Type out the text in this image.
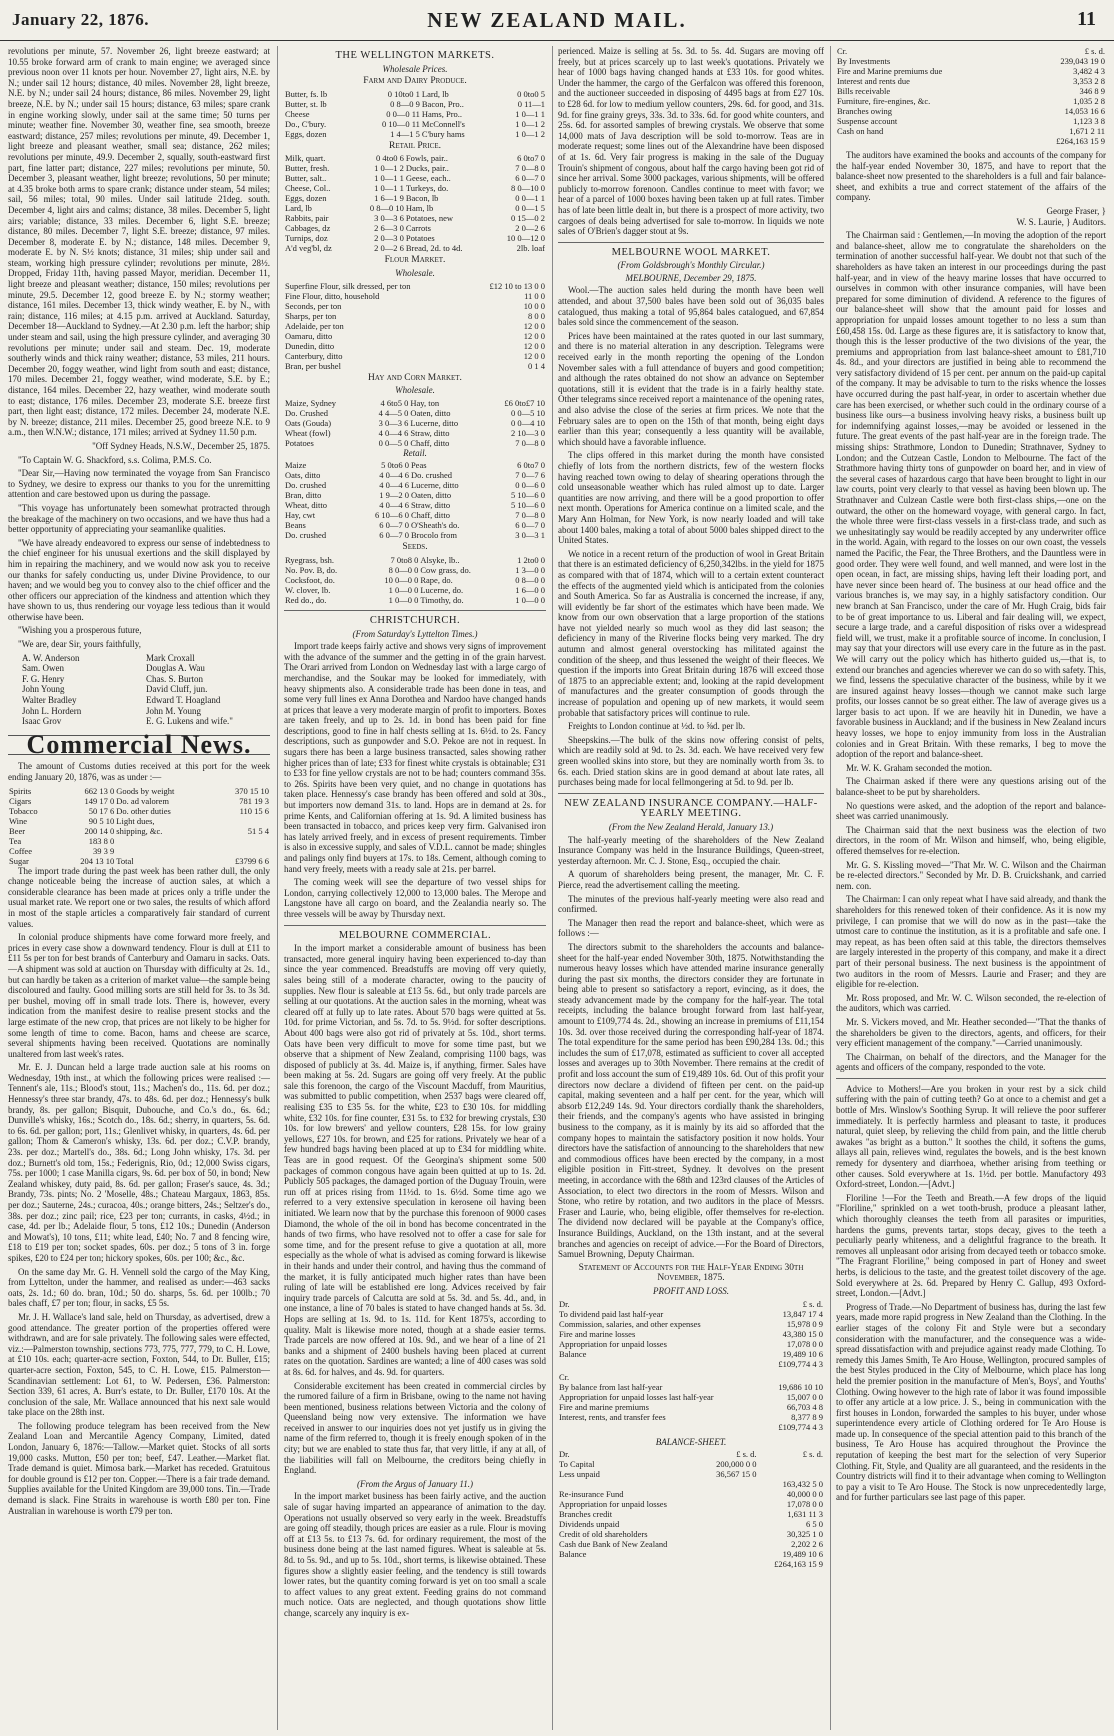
January 22, 1876.	NEW ZEALAND MAIL.	11

revolutions per minute, 57. November 26, light breeze eastward; at 10.55 broke forward arm of crank to main engine; we averaged since previous noon over 11 knots per hour. November 27, light airs, N.E. by N.; under sail 12 hours; distance, 40 miles. November 28, light breeze, N.E. by N.; under sail 24 hours; distance, 86 miles. November 29, light breeze, N.E. by N.; under sail 15 hours; distance, 63 miles; spare crank in engine working slowly, under sail at the same time; 50 turns per minute; weather fine. November 30, weather fine, sea smooth, breeze eastward; distance, 257 miles; revolutions per minute, 49. December 1, light breeze and pleasant weather, small sea; distance, 262 miles; revolutions per minute, 49.9. December 2, squally, south-eastward first part, fine latter part; distance, 227 miles; revolutions per minute, 50. December 3, pleasant weather, light breeze; revolutions, 50 per minute; at 4.35 broke both arms to spare crank; distance under steam, 54 miles; sail, 56 miles; total, 90 miles. Under sail latitude 21deg. south. December 4, light airs and calms; distance, 38 miles. December 5, light airs; variable; distance, 33 miles. December 6, light S.E. breeze; distance, 80 miles. December 7, light S.E. breeze; distance, 97 miles. December 8, moderate E. by N.; distance, 148 miles. December 9, moderate E. by N. S½ knots; distance, 31 miles; ship under sail and steam, working high pressure cylinder; revolutions per minute, 28½. Dropped, Friday 11th, having passed Mayor, meridian. December 11, light breeze and pleasant weather; distance, 150 miles; revolutions per minute, 29.5. December 12, good breeze E. by N.; stormy weather; distance, 161 miles. December 13, thick windy weather, E. by N., with rain; distance, 116 miles; at 4.15 p.m. arrived at Auckland. Saturday, December 18—Auckland to Sydney.—At 2.30 p.m. left the harbor; ship under steam and sail, using the high pressure cylinder, and averaging 30 revolutions per minute; under sail and steam. Dec. 19, moderate southerly winds and thick rainy weather; distance, 53 miles, 211 hours. December 20, foggy weather, wind light from south and east; distance, 170 miles. December 21, foggy weather, wind moderate, S.E. by E.; distance, 164 miles. December 22, hazy weather, wind moderate south to east; distance, 176 miles. December 23, moderate S.E. breeze first part, then light east; distance, 172 miles. December 24, moderate N.E. by N. breeze; distance, 211 miles. December 25, good breeze N.E. to 9 a.m., then W.N.W.; distance, 171 miles; arrived at Sydney 11.50 p.m.

"Off Sydney Heads, N.S.W., December 25, 1875.

"To Captain W. G. Shackford, s.s. Colima, P.M.S. Co.

"Dear Sir,—Having now terminated the voyage from San Francisco to Sydney, we desire to express our thanks to you for the unremitting attention and care bestowed upon us during the passage.

"This voyage has unfortunately been somewhat protracted through the breakage of the machinery on two occasions, and we have thus had a better opportunity of appreciating your seamanlike qualities.

"We have already endeavored to express our sense of indebtedness to the chief engineer for his unusual exertions and the skill displayed by him in repairing the machinery, and we would now ask you to receive our thanks for safely conducting us, under Divine Providence, to our haven; and we would beg you to convey also to the chief officer and the other officers our appreciation of the kindness and attention which they have shown to us, thus rendering our voyage less tedious than it would otherwise have been.

"Wishing you a prosperous future,

"We are, dear Sir, yours faithfully,

A. W. Anderson	Mark Croxall
Sam. Owen	Douglas A. Wau
F. G. Henry	Chas. S. Burton
John Young	David Cluff, jun.
Walter Bradley	Edward T. Hoagland
John L. Hordern	John M. Young
Isaac Grov	E. G. Lukens and wife."
Commercial News.

The amount of Customs duties received at this port for the week ending January 20, 1876, was as under :—

Spirits	662 13 0	Goods by weight	370 15 10
Cigars	149 17 0	Do. ad valorem	781 19 3
Tobacco	50 17 6	Do. other duties	110 15 6
Wine	90 5 10	Light dues,	
Beer	200 14 0	shipping, &c.	51 5 4
Tea	183 8 0		
Coffee	39 3 9		
Sugar	204 13 10	Total	£3799 6 6

The import trade during the past week has been rather dull, the only change noticeable being the increase of auction sales, at which a considerable clearance has been made at prices only a trifle under the usual market rate. We report one or two sales, the results of which afford in most of the staple articles a comparatively fair standard of current values.

In colonial produce shipments have come forward more freely, and prices in every case show a downward tendency. Flour is dull at £11 to £11 5s per ton for best brands of Canterbury and Oamaru in sacks. Oats.—A shipment was sold at auction on Thursday with difficulty at 2s. 1d., but can hardly be taken as a criterion of market value—the sample being discoloured and faulty. Good milling sorts are still held for 3s. to 3s 3d. per bushel, moving off in small trade lots. There is, however, every indication from the manifest desire to realise present stocks and the large estimate of the new crop, that prices are not likely to be higher for some length of time to come. Bacon, hams and cheese are scarce, several shipments having been received. Quotations are nominally unaltered from last week's rates.

Mr. E. J. Duncan held a large trade auction sale at his rooms on Wednesday, 19th inst., at which the following prices were realised :—Tennent's ale, 11s.; Blood's stout, 11s.; Machen's do., 11s. 6d. per doz.; Hennessy's three star brandy, 47s. to 48s. 6d. per doz.; Hennessy's bulk brandy, 8s. per gallon; Bisquit, Dubouche, and Co.'s do., 6s. 6d.; Dunville's whisky, 16s.; Scotch do., 18s. 6d.; sherry, in quarters, 5s. 6d. to 6s. 6d. per gallon; port, 11s.; Glenlivet whisky, in quarters, 4s. 6d. per gallon; Thom & Cameron's whisky, 13s. 6d. per doz.; C.V.P. brandy, 23s. per doz.; Martell's do., 38s. 6d.; Long John whisky, 17s. 3d. per doz.; Burnett's old tom, 15s.; Federignis, Rio, 0d.; 12,000 Swiss cigars, 75s. per 1000; 1 case Manilla cigars, 9s. 6d. per box of 50, in bond; New Zealand whiskey, duty paid, 8s. 6d. per gallon; Fraser's sauce, 4s. 3d.; Brandy, 73s. pints; No. 2 'Moselle, 48s.; Chateau Margaux, 1863, 85s. per doz.; Sauterne, 24s.; curacoa, 40s.; orange bitters, 24s.; Seltzer's do., 38s. per doz.; zinc pail; rice, £23 per ton; currants, in casks, 4½d.; in case, 4d. per lb.; Adelaide flour, 5 tons, £12 10s.; Dunedin (Anderson and Mowat's), 10 tons, £11; white lead, £40; No. 7 and 8 fencing wire, £18 to £19 per ton; socket spades, 60s. per doz.; 5 tons of 3 in. forge spikes, £20 to £24 per ton; hickory spokes, 60s. per 100; &c., &c.

On the same day Mr. G. H. Vennell sold the cargo of the May King, from Lyttelton, under the hammer, and realised as under:—463 sacks oats, 2s. 1d.; 60 do. bran, 10d.; 50 do. sharps, 5s. 6d. per 100lb.; 70 bales chaff, £7 per ton; flour, in sacks, £5 5s.

Mr. J. H. Wallace's land sale, held on Thursday, as advertised, drew a good attendance. The greater portion of the properties offered were withdrawn, and are for sale privately. The following sales were effected, viz.:—Palmerston township, sections 773, 775, 777, 779, to C. H. Lowe, at £10 10s. each; quarter-acre section, Foxton, 544, to Dr. Buller, £15; quarter-acre section, Foxton, 545, to C. H. Lowe, £15. Palmerston—Scandinavian settlement: Lot 61, to W. Pedersen, £36. Palmerston: Section 339, 61 acres, A. Burr's estate, to Dr. Buller, £170 10s. At the conclusion of the sale, Mr. Wallace announced that his next sale would take place on the 28th inst.

The following produce telegram has been received from the New Zealand Loan and Mercantile Agency Company, Limited, dated London, January 6, 1876:—Tallow.—Market quiet. Stocks of all sorts 19,000 casks. Mutton, £50 per ton; beef, £47. Leather.—Market flat. Trade demand is quiet. Mimosa bark.—Market has receded. Gratuitous for double ground is £12 per ton. Copper.—There is a fair trade demand. Supplies available for the United Kingdom are 39,000 tons. Tin.—Trade demand is slack. Fine Straits in warehouse is worth £80 per ton. Fine Australian in warehouse is worth £79 per ton.

THE WELLINGTON MARKETS.
Wholesale Prices.
Farm and Dairy Produce.
Butter, fs. lb	0 10to0 1	Lard, lb	0 0to0 5
Butter, st. lb	0 8—0 9	Bacon, Pro..	0 11—1
Cheese	0 0—0 11	Hams, Pro..	1 0—1 1
Do., C'bury.	0 10—0 11	McConnell's	1 0—1 2
Eggs, dozen	1 4—1 5	C'bury hams	1 0—1 2
Retail Price.
Milk, quart.	0 4to0 6	Fowls, pair..	6 0to7 0
Butter, fresh.	1 0—1 2	Ducks, pair..	7 0—8 0
Butter, salt..	1 0—1 1	Geese, each..	6 0—7 0
Cheese, Col..	1 0—1 1	Turkeys, do.	8 0—10 0
Eggs, dozen	1 6—1 9	Bacon, lb	0 0—1 1
Lard, lb	0 8—0 10	Ham, lb	0 0—1 5
Rabbits, pair	3 0—3 6	Potatoes, new	0 15—0 2
Cabbages, dz	2 6—3 0	Carrots	2 0—2 6
Turnips, doz	2 0—3 0	Potatoes	10 0—12 0
A'd veg'bl, dz	2 0—2 6	Bread, 2d. to 4d.	2lb. loaf
Flour Market.
Wholesale.
Superfine Flour, silk dressed, per ton	£12 10 to 13 0 0
Fine Flour, ditto, household	11 0 0
Seconds, per ton	10 0 0
Sharps, per ton	8 0 0
Adelaide, per ton	12 0 0
Oamaru, ditto	12 0 0
Dunedin, ditto	12 0 0
Canterbury, ditto	12 0 0
Bran, per bushel	0 1 4
Hay and Corn Market.
Wholesale.
Maize, Sydney	4 6to5 0	Hay, ton	£6 0to£7 10
Do. Crushed	4 4—5 0	Oaten, ditto	0 0—5 10
Oats (Gouda)	3 0—3 6	Lucerne, ditto	0 0—4 10
Wheat (fowl)	4 0—4 6	Straw, ditto	2 10—3 0
Potatoes	0 0—5 0	Chaff, ditto	7 0—8 0
Retail.
Maize	5 0to6 0	Peas	6 0to7 0
Oats, ditto	4 0—4 6	Do. crushed	7 0—7 6
Do. crushed	4 0—4 6	Lucerne, ditto	0 0—6 0
Bran, ditto	1 9—2 0	Oaten, ditto	5 10—6 0
Wheat, ditto	4 0—4 6	Straw, ditto	5 10—6 0
Hay, cwt	6 10—6 0	Chaff, ditto	7 0—8 0
Beans	6 0—7 0	O'Sheath's do.	6 0—7 0
Do. crushed	6 0—7 0	Brocolo from	3 0—3 1
Seeds.
Ryegrass, bsh.	7 0to8 0	Alsyke, lb..	1 2to0 0
No. Pov. B, do.	8 0—0 0	Cow grass, do.	1 3—0 0
Cocksfoot, do.	10 0—0 0	Rape, do.	0 8—0 0
W. clover, lb.	1 0—0 0	Lucerne, do.	1 6—0 0
Red do., do.	1 0—0 0	Timothy, do.	1 0—0 0
CHRISTCHURCH.
(From Saturday's Lyttelton Times.)

Import trade keeps fairly active and shows very signs of improvement with the advance of the summer and the getting in of the grain harvest. The Orari arrived from London on Wednesday last with a large cargo of merchandise, and the Soukar may be looked for immediately, with heavy shipments also. A considerable trade has been done in teas, and some very full lines ex Anna Dorothea and Nardoo have changed hands at prices that leave a very moderate margin of profit to importers. Boxes are taken freely, and up to 2s. 1d. in bond has been paid for fine descriptions, good to fine in half chests selling at 1s. 6½d. to 2s. Fancy descriptions, such as gunpowder and S.O. Pekoe are not in request. In sugars there has been a large business transacted, sales showing rather higher prices than of late; £33 for finest white crystals is obtainable; £31 to £33 for fine yellow crystals are not to be had; counters command 35s. to 26s. Spirits have been very quiet, and no change in quotations has taken place. Hennessy's case brandy has been offered and sold at 30s., but importers now demand 31s. to land. Hops are in demand at 2s. for prime Kents, and Californian offering at 1s. 9d. A limited business has been transacted in tobacco, and prices keep very firm. Galvanised iron has lately arrived freely, and in excess of present requirements. Timber is also in excessive supply, and sales of V.D.L. cannot be made; shingles and palings only find buyers at 17s. to 18s. Cement, although coming to hand very freely, meets with a ready sale at 21s. per barrel.

The coming week will see the departure of two vessel ships for London, carrying collectively 12,000 to 13,000 bales. The Merope and Langstone have all cargo on board, and the Zealandia nearly so. The three vessels will be away by Thursday next.

MELBOURNE COMMERCIAL.

In the import market a considerable amount of business has been transacted, more general inquiry having been experienced to-day than since the year commenced. Breadstuffs are moving off very quietly, sales being still of a moderate character, owing to the paucity of supplies. New flour is saleable at £13 5s. 6d., but only trade parcels are selling at our quotations. At the auction sales in the morning, wheat was cleared off at fully up to late rates. About 570 bags were quitted at 5s. 10d. for prime Victorian, and 5s. 7d. to 5s. 9½d. for softer descriptions. About 400 bags were also got rid of privately at 5s. 10d., short terms. Oats have been very difficult to move for some time past, but we observe that a shipment of New Zealand, comprising 1100 bags, was disposed of publicly at 3s. 4d. Maize is, if anything, firmer. Sales have been making at 5s. 2d. Sugars are going off very freely. At the public sale this forenoon, the cargo of the Viscount Macduff, from Mauritius, was submitted to public competition, when 2537 bags were cleared off, realising £35 to £35 5s. for the white, £23 to £30 10s. for middling white, £32 10s. for fine counter, £31 5s. to £32 for brewing crystals, £30 10s. for low brewers' and yellow counters, £28 15s. for low grainy yellows, £27 10s. for brown, and £25 for rations. Privately we hear of a few hundred bags having been placed at up to £34 for middling white. Teas are in good request. Of the Georgina's shipment some 500 packages of common congous have again been quitted at up to 1s. 2d. Publicly 505 packages, the damaged portion of the Duguay Trouin, were run off at prices rising from 11½d. to 1s. 6½d. Some time ago we referred to a very extensive speculation in kerosene oil having been initiated. We learn now that by the purchase this forenoon of 9000 cases Diamond, the whole of the oil in bond has become concentrated in the hands of two firms, who have resolved not to offer a case for sale for some time, and for the present refuse to give a quotation at all, more especially as the whole of what is advised as coming forward is likewise in their hands and under their control, and having thus the command of the market, it is fully anticipated much higher rates than have been ruling of late will be established ere long. Advices received by fair inquiry trade parcels of Calcutta are sold at 5s. 3d. and 5s. 4d., and, in one instance, a line of 70 bales is stated to have changed hands at 5s. 3d. Hops are selling at 1s. 9d. to 1s. 11d. for Kent 1875's, according to quality. Malt is likewise more noted, though at a shade easier terms. Trade parcels are now offered at 10s. 9d., and we hear of a line of 21 banks and a shipment of 2400 bushels having been placed at current rates on the quotation. Sardines are wanted; a line of 400 cases was sold at 8s. 6d. for halves, and 4s. 9d. for quarters.

Considerable excitement has been created in commercial circles by the rumored failure of a firm in Brisbane, owing to the name not having been mentioned, business relations between Victoria and the colony of Queensland being now very extensive. The information we have received in answer to our inquiries does not yet justify us in giving the name of the firm referred to, though it is freely enough spoken of in the city; but we are enabled to state thus far, that very little, if any at all, of the liabilities will fall on Melbourne, the creditors being chiefly in England.

(From the Argus of January 11.)

In the import market business has been fairly active, and the auction sale of sugar having imparted an appearance of animation to the day. Operations not usually observed so very early in the week. Breadstuffs are going off steadily, though prices are easier as a rule. Flour is moving off at £13 5s. to £13 7s. 6d. for ordinary requirement, the most of the business done being at the last named figures. Wheat is saleable at 5s. 8d. to 5s. 9d., and up to 5s. 10d., short terms, is likewise obtained. These figures show a slightly easier feeling, and the tendency is still towards lower rates, but the quantity coming forward is yet on too small a scale to affect values to any great extent. Feeding grains do not command much notice. Oats are neglected, and though quotations show little change, scarcely any inquiry is ex-

perienced. Maize is selling at 5s. 3d. to 5s. 4d. Sugars are moving off freely, but at prices scarcely up to last week's quotations. Privately we hear of 1000 bags having changed hands at £33 10s. for good whites. Under the hammer, the cargo of the Gerfalcon was offered this forenoon, and the auctioneer succeeded in disposing of 4495 bags at from £27 10s. to £28 6d. for low to medium yellow counters, 29s. 6d. for good, and 31s. 9d. for fine grainy greys, 33s. 3d. to 33s. 6d. for good white counters, and 25s. 6d. for assorted samples of brewing crystals. We observe that some 14,000 mats of Java description will be sold to-morrow. Teas are in moderate request; some lines out of the Alexandrine have been disposed of at 1s. 6d. Very fair progress is making in the sale of the Duguay Trouin's shipment of congous, about half the cargo having been got rid of since her arrival. Some 3000 packages, various shipments, will be offered publicly to-morrow forenoon. Candles continue to meet with favor; we hear of a parcel of 1000 boxes having been taken up at full rates. Timber has of late been little dealt in, but there is a prospect of more activity, two cargoes of deals being advertised for sale to-morrow. In liquids we note sales of O'Brien's dagger stout at 9s.

MELBOURNE WOOL MARKET.
(From Goldsbrough's Monthly Circular.)
MELBOURNE, December 29, 1875.

Wool.—The auction sales held during the month have been well attended, and about 37,500 bales have been sold out of 36,035 bales catalogued, thus making a total of 95,864 bales catalogued, and 67,854 bales sold since the commencement of the season.

Prices have been maintained at the rates quoted in our last summary, and there is no material alteration in any description. Telegrams were received early in the month reporting the opening of the London November sales with a full attendance of buyers and good competition; and although the rates obtained do not show an advance on September quotations, still it is evident that the trade is in a fairly healthy state. Other telegrams since received report a maintenance of the opening rates, and also advise the close of the series at firm prices. We note that the February sales are to open on the 15th of that month, being eight days earlier than this year; consequently a less quantity will be available, which should have a favorable influence.

The clips offered in this market during the month have consisted chiefly of lots from the northern districts, few of the western flocks having reached town owing to delay of shearing operations through the cold unseasonable weather which has ruled almost up to date. Larger quantities are now arriving, and there will be a good proportion to offer next month. Operations for America continue on a limited scale, and the Mary Ann Holman, for New York, is now nearly loaded and will take about 1400 bales, making a total of about 5000 bales shipped direct to the United States.

We notice in a recent return of the production of wool in Great Britain that there is an estimated deficiency of 6,250,342lbs. in the yield for 1875 as compared with that of 1874, which will to a certain extent counteract the effects of the augmented yield which is anticipated from the colonies and South America. So far as Australia is concerned the increase, if any, will evidently be far short of the estimates which have been made. We know from our own observation that a large proportion of the stations have not yielded nearly so much wool as they did last season; the deficiency in many of the Riverine flocks being very marked. The dry autumn and almost general overstocking has militated against the condition of the sheep, and thus lessened the weight of their fleeces. We question if the imports into Great Britain during 1876 will exceed those of 1875 to an appreciable extent; and, looking at the rapid development of manufactures and the greater consumption of goods through the increase of population and opening up of new markets, it would seem probable that satisfactory prices will continue to rule.

Freights to London continue at ½d. to ⅝d. per lb.

Sheepskins.—The bulk of the skins now offering consist of pelts, which are readily sold at 9d. to 2s. 3d. each. We have received very few green woolled skins into store, but they are nominally worth from 3s. to 6s. each. Dried station skins are in good demand at about late rates, all purchases being made for local fellmongering at 5d. to 9d. per lb.

NEW ZEALAND INSURANCE COMPANY.—HALF-YEARLY MEETING.
(From the New Zealand Herald, January 13.)

The half-yearly meeting of the shareholders of the New Zealand Insurance Company was held in the Insurance Buildings, Queen-street, yesterday afternoon. Mr. C. J. Stone, Esq., occupied the chair.

A quorum of shareholders being present, the manager, Mr. C. F. Pierce, read the advertisement calling the meeting.

The minutes of the previous half-yearly meeting were also read and confirmed.

The Manager then read the report and balance-sheet, which were as follows :—

The directors submit to the shareholders the accounts and balance-sheet for the half-year ended November 30th, 1875. Notwithstanding the numerous heavy losses which have attended marine insurance generally during the past six months, the directors consider they are fortunate in being able to present so satisfactory a report, evincing, as it does, the steady advancement made by the company for the half-year. The total receipts, including the balance brought forward from last half-year, amount to £109,774 4s. 2d., showing an increase in premiums of £11,154 10s. 3d. over those received during the corresponding half-year of 1874. The total expenditure for the same period has been £90,284 13s. 0d.; this includes the sum of £17,078, estimated as sufficient to cover all accepted losses and averages up to 30th November. There remains at the credit of profit and loss account the sum of £19,489 10s. 6d. Out of this profit your directors now declare a dividend of fifteen per cent. on the paid-up capital, making seventeen and a half per cent. for the year, which will absorb £12,249 14s. 9d. Your directors cordially thank the shareholders, their friends, and the company's agents who have assisted in bringing business to the company, as it is mainly by its aid so afforded that the company hopes to maintain the satisfactory position it now holds. Your directors have the satisfaction of announcing to the shareholders that new and commodious offices have been erected by the company, in a most eligible position in Fitt-street, Sydney. It devolves on the present meeting, in accordance with the 68th and 123rd clauses of the Articles of Association, to elect two directors in the room of Messrs. Wilson and Stone, who retire by rotation, and two auditors in the place of Messrs. Fraser and Laurie, who, being eligible, offer themselves for re-election. The dividend now declared will be payable at the Company's office, Insurance Buildings, Auckland, on the 13th instant, and at the several branches and agencies on receipt of advice.—For the Board of Directors, Samuel Browning, Deputy Chairman.

Statement of Accounts for the Half-Year Ending 30th November, 1875.
PROFIT AND LOSS.
Dr.	£ s. d.
To dividend paid last half-year	13,847 17 4
Commission, salaries, and other expenses	15,978 0 9
Fire and marine losses	43,380 15 0
Appropriation for unpaid losses	17,078 0 0
Balance	19,489 10 6
	£109,774 4 3
Cr.	
By balance from last half-year	19,686 10 10
Appropriation for unpaid losses last half-year	15,007 0 0
Fire and marine premiums	66,703 4 8
Interest, rents, and transfer fees	8,377 8 9
	£109,774 4 3
BALANCE-SHEET.
Dr.	£ s. d.	£ s. d.
To Capital	200,000 0 0	
Less unpaid	36,567 15 0	
		163,432 5 0
Re-insurance Fund		40,000 0 0
Appropriation for unpaid losses		17,078 0 0
Branches credit		1,631 11 3
Dividends unpaid		6 5 0
Credit of old shareholders		30,325 1 0
Cash due Bank of New Zealand		2,202 2 6
Balance		19,489 10 6
		£264,163 15 9
Cr.	£ s. d.
By Investments	239,043 19 0
Fire and Marine premiums due	3,482 4 3
Interest and rents due	3,353 2 8
Bills receivable	346 8 9
Furniture, fire-engines, &c.	1,035 2 8
Branches owing	14,053 16 6
Suspense account	1,123 3 8
Cash on hand	1,671 2 11
	£264,163 15 9

The auditors have examined the books and accounts of the company for the half-year ended November 30, 1875, and have to report that the balance-sheet now presented to the shareholders is a full and fair balance-sheet, and exhibits a true and correct statement of the affairs of the company.

George Fraser, }
W. S. Laurie, } Auditors.

The Chairman said : Gentlemen,—In moving the adoption of the report and balance-sheet, allow me to congratulate the shareholders on the termination of another successful half-year. We doubt not that such of the shareholders as have taken an interest in our proceedings during the past half-year, and in view of the heavy marine losses that have occurred to ourselves in common with other insurance companies, will have been prepared for some diminution of dividend. A reference to the figures of our balance-sheet will show that the amount paid for losses and appropriation for unpaid losses amount together to no less a sum than £60,458 15s. 0d. Large as these figures are, it is satisfactory to know that, though this is the lesser productive of the two divisions of the year, the premiums and appropriation from last balance-sheet amount to £81,710 4s. 8d., and your directors are justified in being able to recommend the very satisfactory dividend of 15 per cent. per annum on the paid-up capital of the company. It may be advisable to turn to the risks whence the losses have occurred during the past half-year, in order to ascertain whether due care has been exercised, or whether such could in the ordinary course of a business like ours—a business involving heavy risks, a business built up for indemnifying against losses,—may be avoided or lessened in the future. The great events of the past half-year are in the foreign trade. The missing ships: Strathmore, London to Dunedin; Strathnaver, Sydney to London; and the Cutzean Castle, London to Melbourne. The fact of the Strathmore having thirty tons of gunpowder on board her, and in view of the several cases of hazardous cargo that have been brought to light in our law courts, point very clearly to that vessel as having been blown up. The Strathnaver and Culzean Castle were both first-class ships,—one on the outward, the other on the homeward voyage, with general cargo. In fact, the whole three were first-class vessels in a first-class trade, and such as we unhesitatingly say would be readily accepted by any underwriter office in the world. Again, with regard to the losses on our own coast, the vessels named the Pacific, the Fear, the Three Brothers, and the Dauntless were in good order. They were well found, and well manned, and were lost in the open ocean, in fact, are missing ships, having left their loading port, and have never since been heard of. The business at our head office and the various branches is, we may say, in a highly satisfactory condition. Our new branch at San Francisco, under the care of Mr. Hugh Craig, bids fair to be of great importance to us. Liberal and fair dealing will, we expect, secure a large trade, and a careful disposition of risks over a widespread field will, we trust, make it a profitable source of income. In conclusion, I may say that your directors will use every care in the future as in the past. We will carry out the policy which has hitherto guided us,—that is, to extend our branches and agencies wherever we can do so with safety. This, we find, lessens the speculative character of the business, while by it we are insured against heavy losses—though we cannot make such large profits, our losses cannot be so great either. The law of average gives us a larger basis to act upon. If we are heavily hit in Dunedin, we have a favorable business in Auckland; and if the business in New Zealand incurs heavy losses, we hope to enjoy immunity from loss in the Australian colonies and in Great Britain. With these remarks, I beg to move the adoption of the report and balance-sheet.

Mr. W. K. Graham seconded the motion.

The Chairman asked if there were any questions arising out of the balance-sheet to be put by shareholders.

No questions were asked, and the adoption of the report and balance-sheet was carried unanimously.

The Chairman said that the next business was the election of two directors, in the room of Mr. Wilson and himself, who, being eligible, offered themselves for re-election.

Mr. G. S. Kissling moved—"That Mr. W. C. Wilson and the Chairman be re-elected directors." Seconded by Mr. D. B. Cruickshank, and carried nem. con.

The Chairman: I can only repeat what I have said already, and thank the shareholders for this renewed token of their confidence. As it is now my privilege, I can promise that we will do now as in the past—take the utmost care to continue the institution, as it is a profitable and safe one. I may repeat, as has been often said at this table, the directors themselves are largely interested in the property of this company, and make it a direct part of their personal business. The next business is the appointment of two auditors in the room of Messrs. Laurie and Fraser; and they are eligible for re-election.

Mr. Ross proposed, and Mr. W. C. Wilson seconded, the re-election of the auditors, which was carried.

Mr. S. Vickers moved, and Mr. Heather seconded—"That the thanks of the shareholders be given to the directors, agents, and officers, for their very efficient management of the company."—Carried unanimously.

The Chairman, on behalf of the directors, and the Manager for the agents and officers of the company, responded to the vote.

Advice to Mothers!—Are you broken in your rest by a sick child suffering with the pain of cutting teeth? Go at once to a chemist and get a bottle of Mrs. Winslow's Soothing Syrup. It will relieve the poor sufferer immediately. It is perfectly harmless and pleasant to taste, it produces natural, quiet sleep, by relieving the child from pain, and the little cherub awakes "as bright as a button." It soothes the child, it softens the gums, allays all pain, relieves wind, regulates the bowels, and is the best known remedy for dysentery and diarrhoea, whether arising from teething or other causes. Sold everywhere at 1s. 1½d. per bottle. Manufactory 493 Oxford-street, London.—[Advt.]

Floriline !—For the Teeth and Breath.—A few drops of the liquid "Floriline," sprinkled on a wet tooth-brush, produce a pleasant lather, which thoroughly cleanses the teeth from all parasites or impurities, hardens the gums, prevents tartar, stops decay, gives to the teeth a peculiarly pearly whiteness, and a delightful fragrance to the breath. It removes all unpleasant odor arising from decayed teeth or tobacco smoke. "The Fragrant Floriline," being composed in part of Honey and sweet herbs, is delicious to the taste, and the greatest toilet discovery of the age. Sold everywhere at 2s. 6d. Prepared by Henry C. Gallup, 493 Oxford-street, London.—[Advt.]

Progress of Trade.—No Department of business has, during the last few years, made more rapid progress in New Zealand than the Clothing. In the earlier stages of the colony Fit and Style were but a secondary consideration with the manufacturer, and the consequence was a wide-spread dissatisfaction with and prejudice against ready made Clothing. To remedy this James Smith, Te Aro House, Wellington, procured samples of the best Styles produced in the City of Melbourne, which place has long held the premier position in the manufacture of Men's, Boys', and Youths' Clothing. Owing however to the high rate of labor it was found impossible to offer any article at a low price. J. S., being in communication with the first houses in London, forwarded the samples to his buyer, under whose superintendence every article of Clothing ordered for Te Aro House is made up. In consequence of the special attention paid to this branch of the business, Te Aro House has acquired throughout the Province the reputation of keeping the best mart for the selection of very Superior Clothing. Fit, Style, and Quality are all guaranteed, and the residents in the Country districts will find it to their advantage when coming to Wellington to pay a visit to Te Aro House. The Stock is now unprecedentedly large, and for further particulars see last page of this paper.
